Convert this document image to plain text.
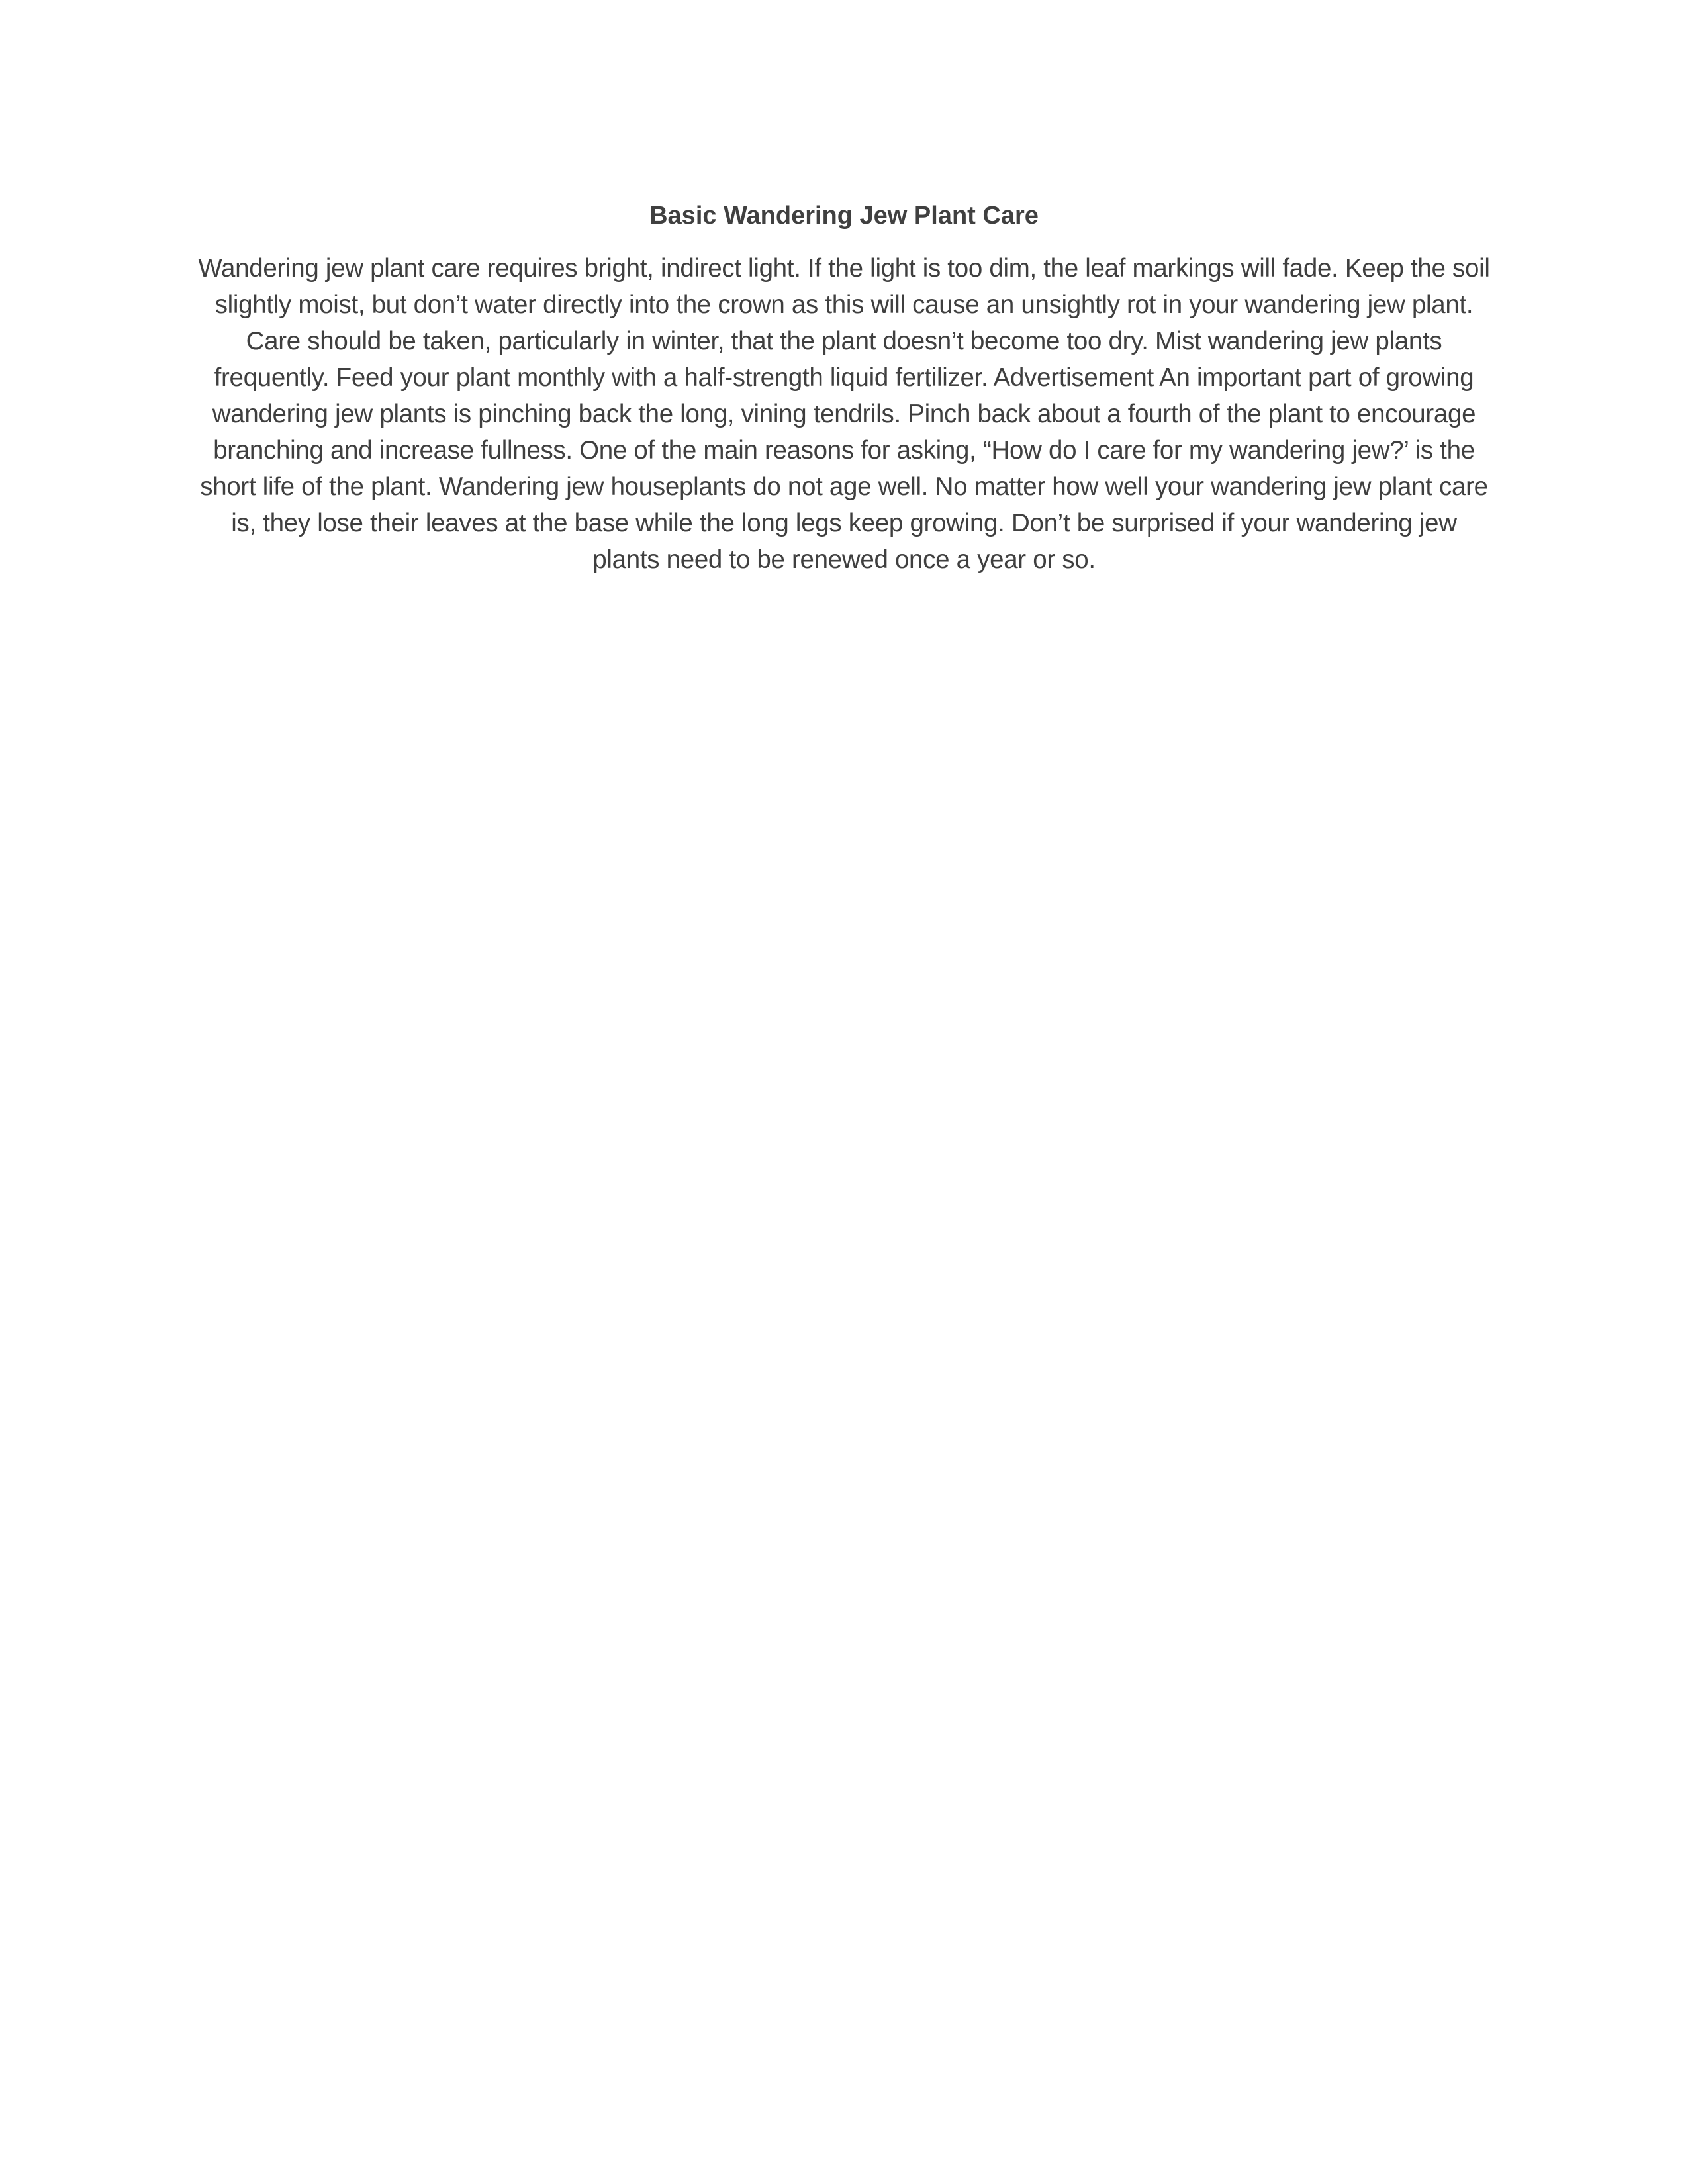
Basic Wandering Jew Plant Care

Wandering jew plant care requires bright, indirect light. If the light is too dim, the leaf markings will fade. Keep the soil slightly moist, but don’t water directly into the crown as this will cause an unsightly rot in your wandering jew plant. Care should be taken, particularly in winter, that the plant doesn’t become too dry. Mist wandering jew plants frequently. Feed your plant monthly with a half-strength liquid fertilizer. Advertisement An important part of growing wandering jew plants is pinching back the long, vining tendrils. Pinch back about a fourth of the plant to encourage branching and increase fullness. One of the main reasons for asking, “How do I care for my wandering jew?’ is the short life of the plant. Wandering jew houseplants do not age well. No matter how well your wandering jew plant care is, they lose their leaves at the base while the long legs keep growing. Don’t be surprised if your wandering jew plants need to be renewed once a year or so.
